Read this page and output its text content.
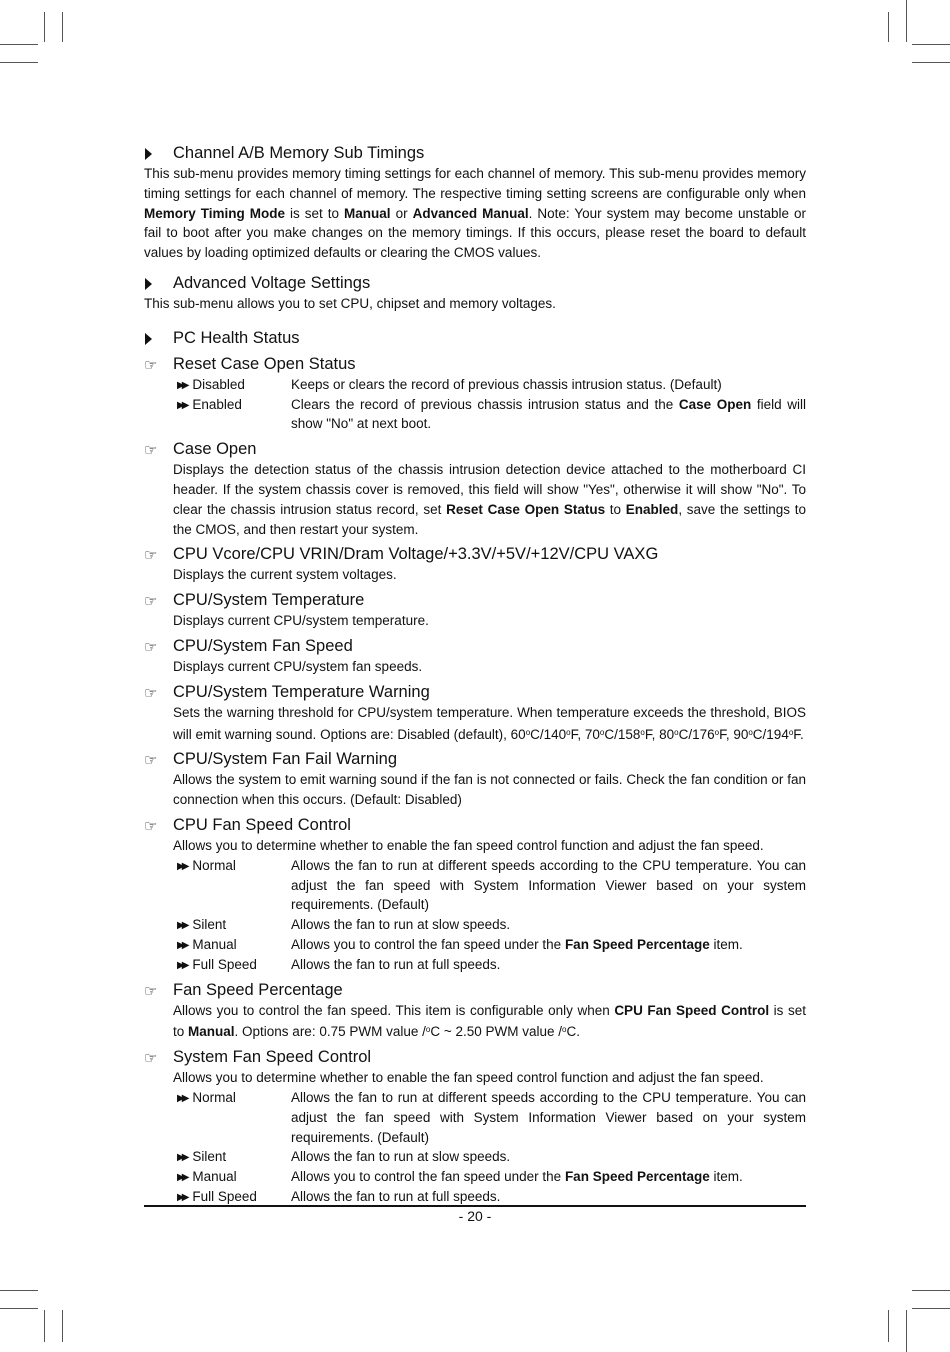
Channel A/B Memory Sub Timings

This sub-menu provides memory timing settings for each channel of memory. This sub-menu provides memory timing settings for each channel of memory. The respective timing setting screens are configurable only when Memory Timing Mode is set to Manual or Advanced Manual. Note: Your system may become unstable or fail to boot after you make changes on the memory timings. If this occurs, please reset the board to default values by loading optimized defaults or clearing the CMOS values.

Advanced Voltage Settings

This sub-menu allows you to set CPU, chipset and memory voltages.

PC Health Status
☞ Reset Case Open Status
▶▶ Disabled	Keeps or clears the record of previous chassis intrusion status. (Default)
▶▶ Enabled	Clears the record of previous chassis intrusion status and the Case Open field will show "No" at next boot.
☞ Case Open

Displays the detection status of the chassis intrusion detection device attached to the motherboard CI header. If the system chassis cover is removed, this field will show "Yes", otherwise it will show "No". To clear the chassis intrusion status record, set Reset Case Open Status to Enabled, save the settings to the CMOS, and then restart your system.

☞ CPU Vcore/CPU VRIN/Dram Voltage/+3.3V/+5V/+12V/CPU VAXG

Displays the current system voltages.

☞ CPU/System Temperature

Displays current CPU/system temperature.

☞ CPU/System Fan Speed

Displays current CPU/system fan speeds.

☞ CPU/System Temperature Warning

Sets the warning threshold for CPU/system temperature. When temperature exceeds the threshold, BIOS will emit warning sound. Options are: Disabled (default), 60$^o$C/140$^o$F, 70$^o$C/158$^o$F, 80$^o$C/176$^o$F, 90$^o$C/194$^o$F.

☞ CPU/System Fan Fail Warning

Allows the system to emit warning sound if the fan is not connected or fails. Check the fan condition or fan connection when this occurs. (Default: Disabled)

☞ CPU Fan Speed Control

Allows you to determine whether to enable the fan speed control function and adjust the fan speed.

▶▶ Normal	Allows the fan to run at different speeds according to the CPU temperature. You can adjust the fan speed with System Information Viewer based on your system requirements. (Default)
▶▶ Silent	Allows the fan to run at slow speeds.
▶▶ Manual	Allows you to control the fan speed under the Fan Speed Percentage item.
▶▶ Full Speed	Allows the fan to run at full speeds.
☞ Fan Speed Percentage

Allows you to control the fan speed. This item is configurable only when CPU Fan Speed Control is set to Manual. Options are: 0.75 PWM value /$^o$C ~ 2.50 PWM value /$^o$C.

☞ System Fan Speed Control

Allows you to determine whether to enable the fan speed control function and adjust the fan speed.

▶▶ Normal	Allows the fan to run at different speeds according to the CPU temperature. You can adjust the fan speed with System Information Viewer based on your system requirements. (Default)
▶▶ Silent	Allows the fan to run at slow speeds.
▶▶ Manual	Allows you to control the fan speed under the Fan Speed Percentage item.
▶▶ Full Speed	Allows the fan to run at full speeds.
- 20 -
